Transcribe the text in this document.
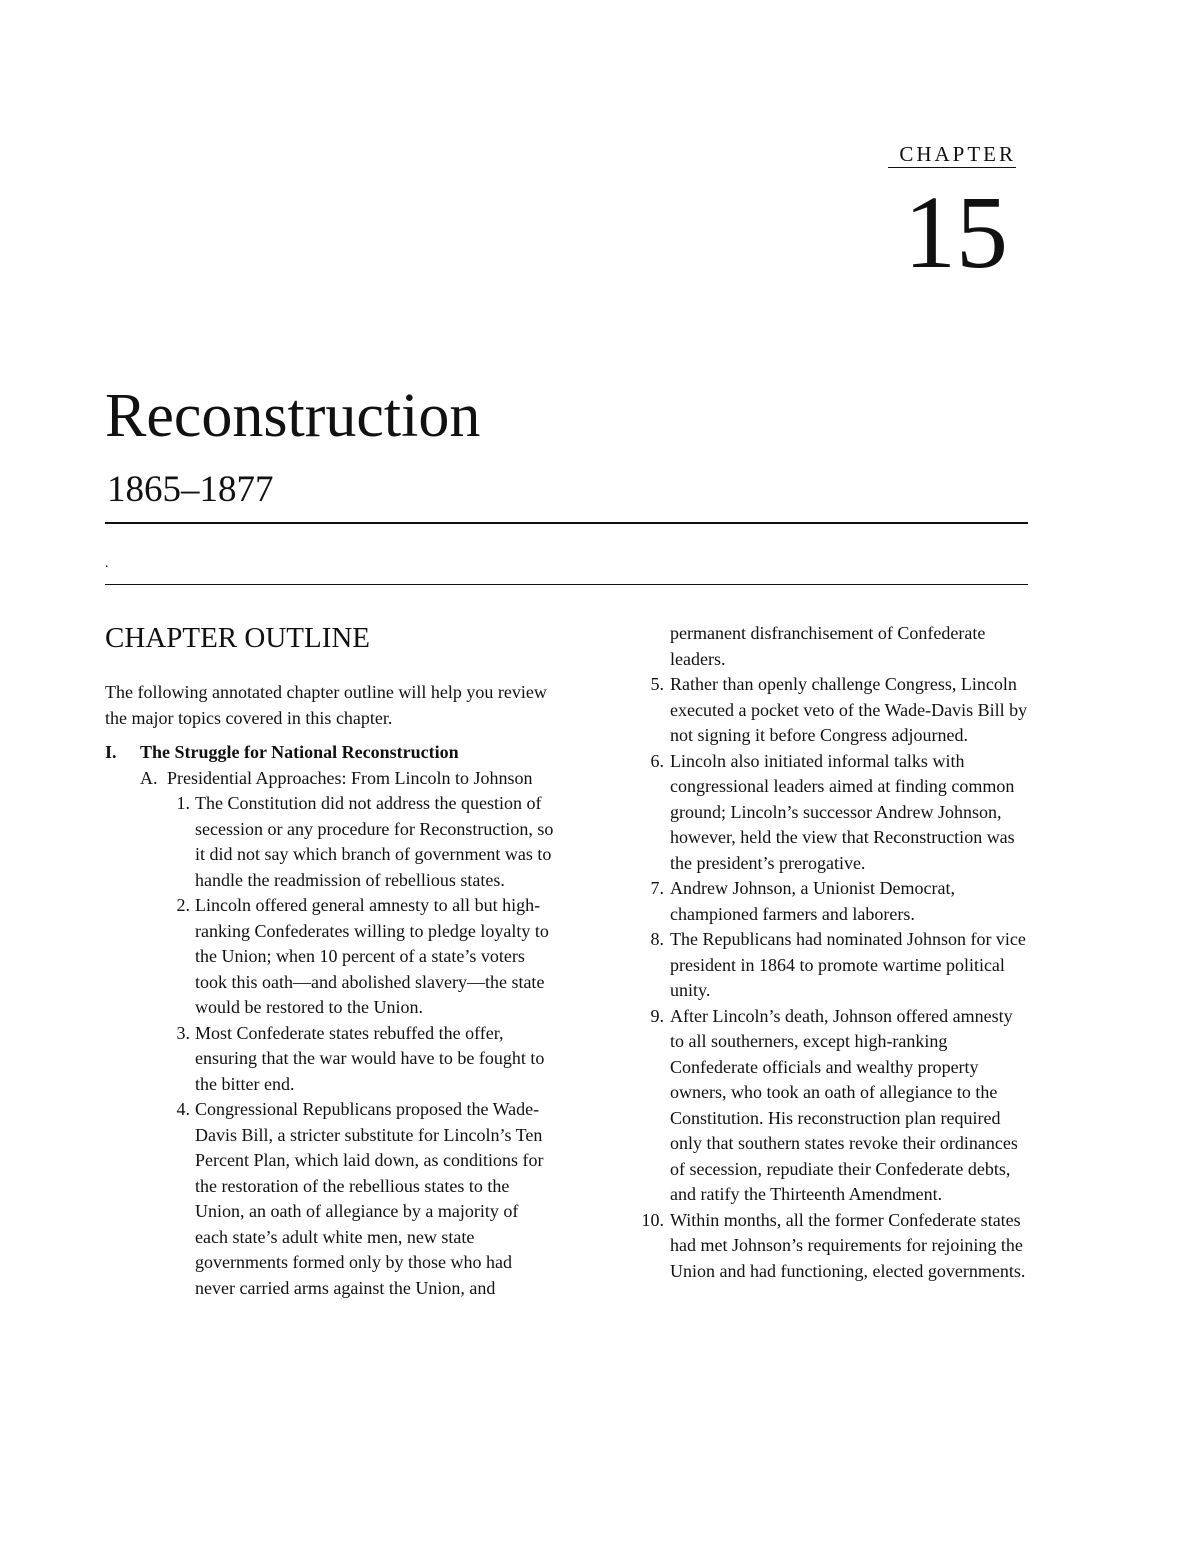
CHAPTER
15
Reconstruction
1865–1877
.
CHAPTER OUTLINE
The following annotated chapter outline will help you review the major topics covered in this chapter.
I.	The Struggle for National Reconstruction
A. Presidential Approaches: From Lincoln to Johnson
1. The Constitution did not address the question of secession or any procedure for Reconstruction, so it did not say which branch of government was to handle the readmission of rebellious states.
2. Lincoln offered general amnesty to all but high-ranking Confederates willing to pledge loyalty to the Union; when 10 percent of a state’s voters took this oath—and abolished slavery—the state would be restored to the Union.
3. Most Confederate states rebuffed the offer, ensuring that the war would have to be fought to the bitter end.
4. Congressional Republicans proposed the Wade-Davis Bill, a stricter substitute for Lincoln’s Ten Percent Plan, which laid down, as conditions for the restoration of the rebellious states to the Union, an oath of allegiance by a majority of each state’s adult white men, new state governments formed only by those who had never carried arms against the Union, and
permanent disfranchisement of Confederate leaders.
5. Rather than openly challenge Congress, Lincoln executed a pocket veto of the Wade-Davis Bill by not signing it before Congress adjourned.
6. Lincoln also initiated informal talks with congressional leaders aimed at finding common ground; Lincoln’s successor Andrew Johnson, however, held the view that Reconstruction was the president’s prerogative.
7. Andrew Johnson, a Unionist Democrat, championed farmers and laborers.
8. The Republicans had nominated Johnson for vice president in 1864 to promote wartime political unity.
9. After Lincoln’s death, Johnson offered amnesty to all southerners, except high-ranking Confederate officials and wealthy property owners, who took an oath of allegiance to the Constitution. His reconstruction plan required only that southern states revoke their ordinances of secession, repudiate their Confederate debts, and ratify the Thirteenth Amendment.
10. Within months, all the former Confederate states had met Johnson’s requirements for rejoining the Union and had functioning, elected governments.
